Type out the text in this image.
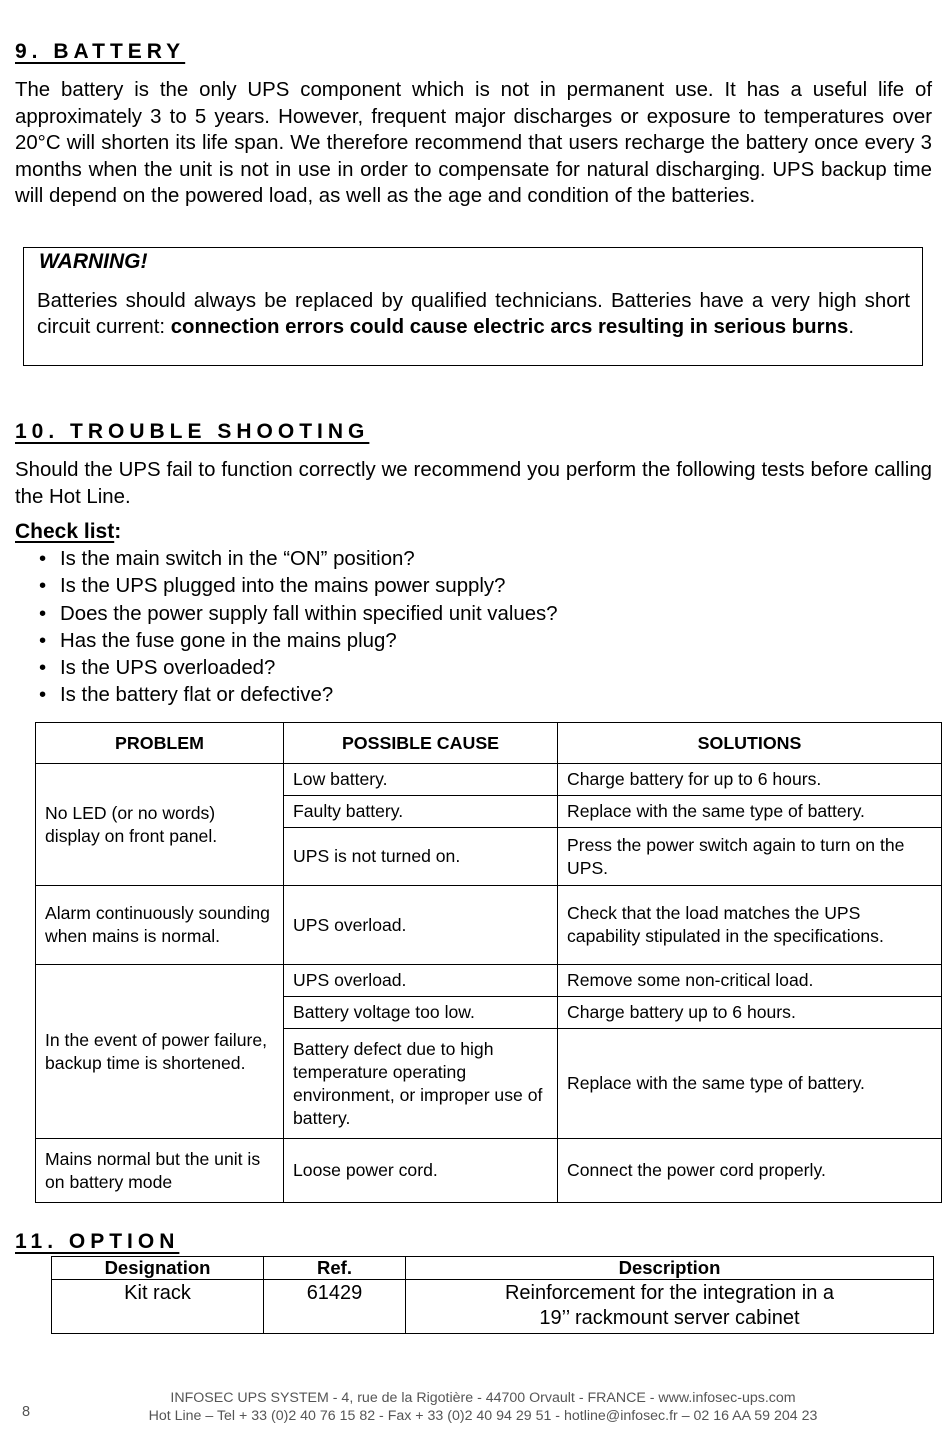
9. BATTERY
The battery is the only UPS component which is not in permanent use. It has a useful life of approximately 3 to 5 years. However, frequent major discharges or exposure to temperatures over 20°C will shorten its life span. We therefore recommend that users recharge the battery once every 3 months when the unit is not in use in order to compensate for natural discharging. UPS backup time will depend on the powered load, as well as the age and condition of the batteries.
WARNING!
Batteries should always be replaced by qualified technicians. Batteries have a very high short circuit current: connection errors could cause electric arcs resulting in serious burns.
10. TROUBLE SHOOTING
Should the UPS fail to function correctly we recommend you perform the following tests before calling the Hot Line.
Check list:
• Is the main switch in the “ON” position?
• Is the UPS plugged into the mains power supply?
• Does the power supply fall within specified unit values?
• Has the fuse gone in the mains plug?
• Is the UPS overloaded?
• Is the battery flat or defective?
PROBLEM	POSSIBLE CAUSE	SOLUTIONS
No LED (or no words) display on front panel.	Low battery.	Charge battery for up to 6 hours.
	Faulty battery.	Replace with the same type of battery.
	UPS is not turned on.	Press the power switch again to turn on the UPS.
Alarm continuously sounding when mains is normal.	UPS overload.	Check that the load matches the UPS capability stipulated in the specifications.
In the event of power failure, backup time is shortened.	UPS overload.	Remove some non-critical load.
	Battery voltage too low.	Charge battery up to 6 hours.
	Battery defect due to high temperature operating environment, or improper use of battery.	Replace with the same type of battery.
Mains normal but the unit is on battery mode	Loose power cord.	Connect the power cord properly.
11. OPTION
Designation	Ref.	Description
Kit rack	61429	Reinforcement for the integration in a
19’’ rackmount server cabinet
8
INFOSEC UPS SYSTEM - 4, rue de la Rigotière - 44700 Orvault - FRANCE - www.infosec-ups.com
Hot Line – Tel + 33 (0)2 40 76 15 82 - Fax + 33 (0)2 40 94 29 51 - hotline@infosec.fr – 02 16 AA 59 204 23
